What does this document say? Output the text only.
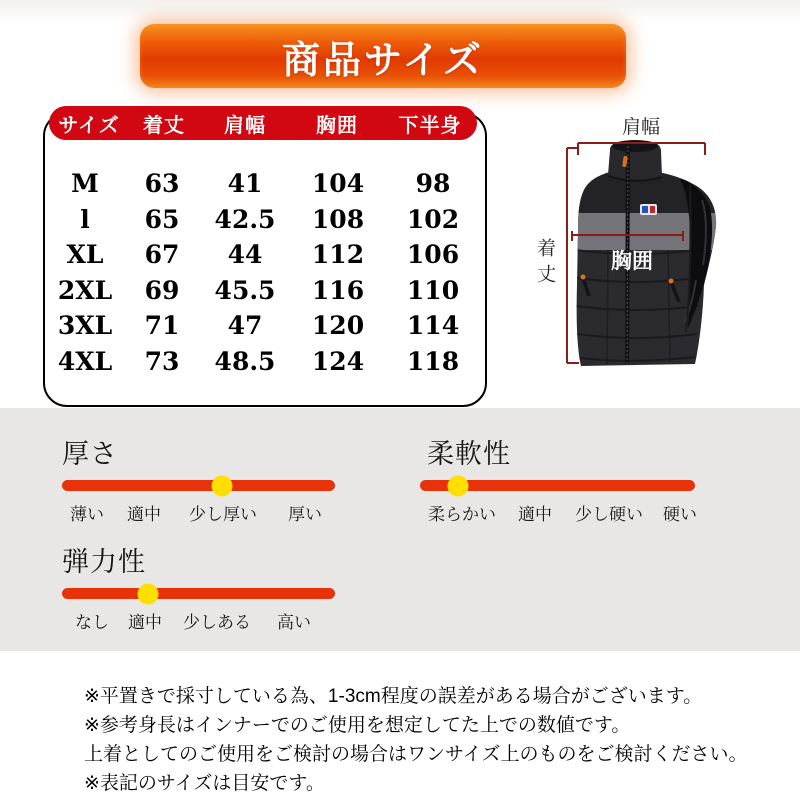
商品サイズ
サイズ	着丈	肩幅	胸囲	下半身
M	63	41	104	98
l	65	42.5	108	102
XL	67	44	112	106
2XL	69	45.5	116	110
3XL	71	47	120	114
4XL	73	48.5	124	118
肩幅
着丈	胸囲
厚さ
薄い 適中 少し厚い 厚い
柔軟性
柔らかい 適中 少し硬い 硬い
弾力性
なし 適中 少しある 高い
※平置きで採寸している為、1-3cm程度の誤差がある場合がございます。
※参考身長はインナーでのご使用を想定してた上での数値です。
上着としてのご使用をご検討の場合はワンサイズ上のものをご検討ください。
※表記のサイズは目安です。
